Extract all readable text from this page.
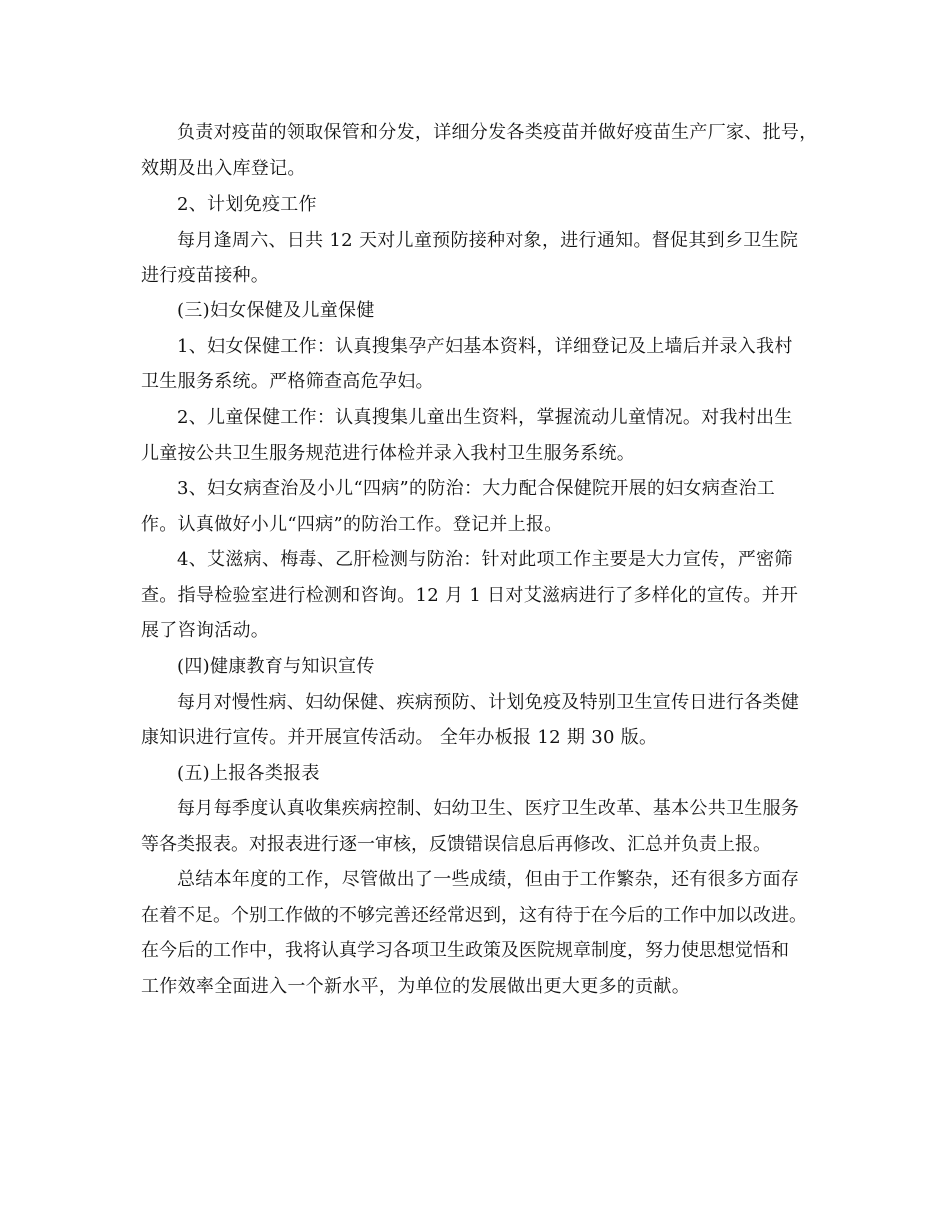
负责对疫苗的领取保管和分发，详细分发各类疫苗并做好疫苗生产厂家、批号，
效期及出入库登记。
2、计划免疫工作
每月逢周六、日共 12 天对儿童预防接种对象，进行通知。督促其到乡卫生院
进行疫苗接种。
(三)妇女保健及儿童保健
1、妇女保健工作：认真搜集孕产妇基本资料，详细登记及上墙后并录入我村
卫生服务系统。严格筛查高危孕妇。
2、儿童保健工作：认真搜集儿童出生资料，掌握流动儿童情况。对我村出生
儿童按公共卫生服务规范进行体检并录入我村卫生服务系统。
3、妇女病查治及小儿“四病”的防治：大力配合保健院开展的妇女病查治工
作。认真做好小儿“四病”的防治工作。登记并上报。
4、艾滋病、梅毒、乙肝检测与防治：针对此项工作主要是大力宣传，严密筛
查。指导检验室进行检测和咨询。12 月 1 日对艾滋病进行了多样化的宣传。并开
展了咨询活动。
(四)健康教育与知识宣传
每月对慢性病、妇幼保健、疾病预防、计划免疫及特别卫生宣传日进行各类健
康知识进行宣传。并开展宣传活动。 全年办板报 12 期 30 版。
(五)上报各类报表
每月每季度认真收集疾病控制、妇幼卫生、医疗卫生改革、基本公共卫生服务
等各类报表。对报表进行逐一审核，反馈错误信息后再修改、汇总并负责上报。
总结本年度的工作，尽管做出了一些成绩，但由于工作繁杂，还有很多方面存
在着不足。个别工作做的不够完善还经常迟到，这有待于在今后的工作中加以改进。
在今后的工作中，我将认真学习各项卫生政策及医院规章制度，努力使思想觉悟和
工作效率全面进入一个新水平，为单位的发展做出更大更多的贡献。
